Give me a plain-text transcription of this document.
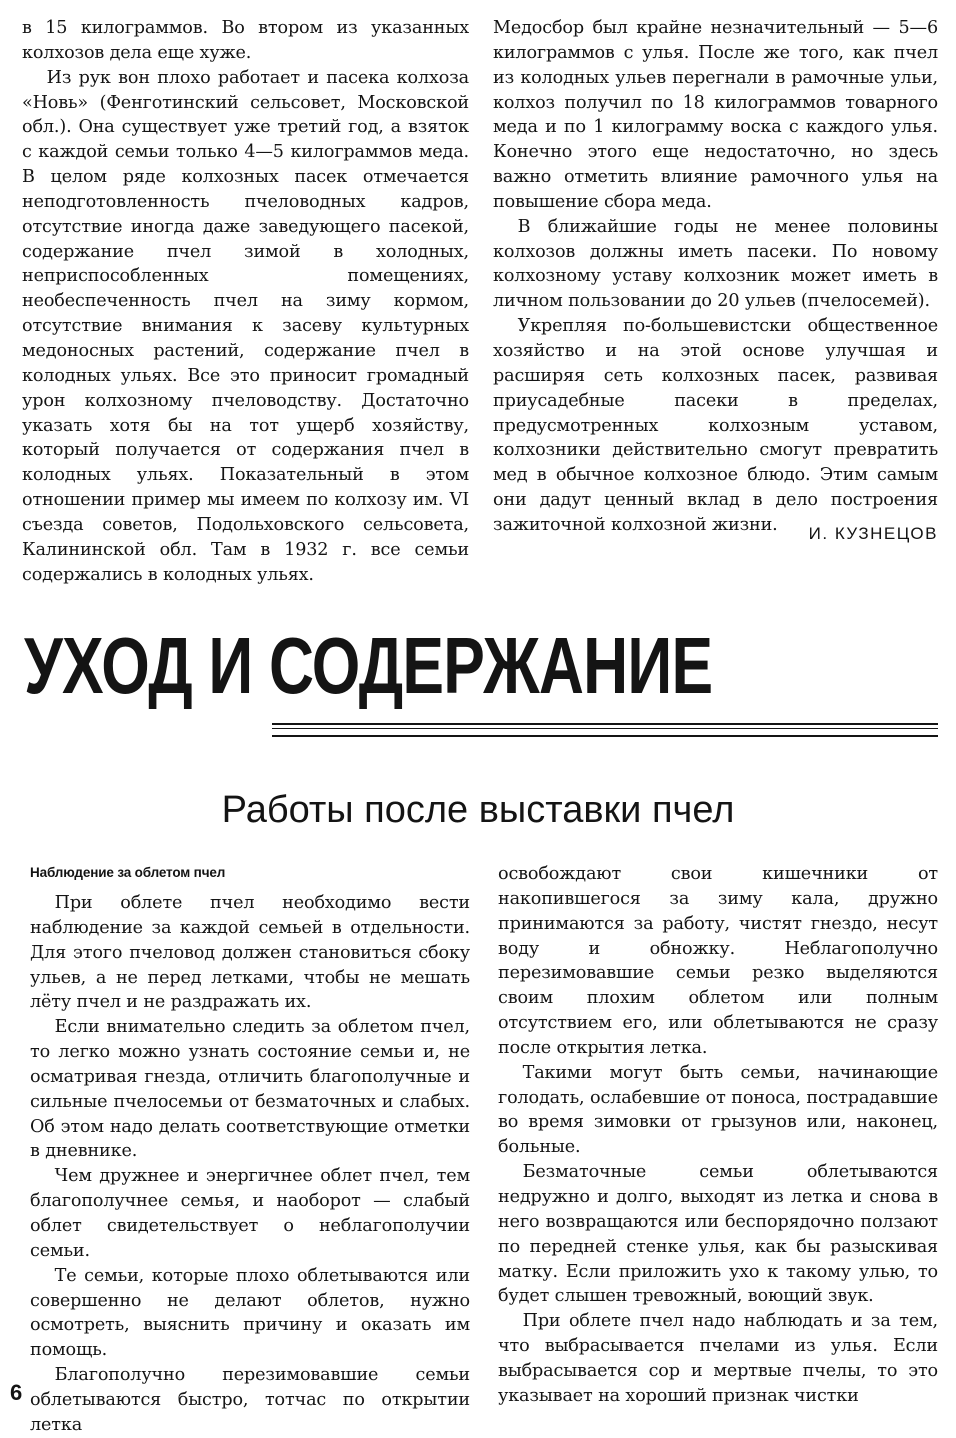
в 15 килограммов. Во втором из указанных колхозов дела еще хуже.

Из рук вон плохо работает и пасека колхоза «Новь» (Фенготинский сельсовет, Московской обл.). Она существует уже третий год, а взяток с каждой семьи только 4—5 килограммов меда. В целом ряде колхозных пасек отмечается неподготовленность пчеловодных кадров, отсутствие иногда даже заведующего пасекой, содержание пчел зимой в холодных, неприспособленных помещениях, необеспеченность пчел на зиму кормом, отсутствие внимания к засеву культурных медоносных растений, содержание пчел в колодных ульях. Все это приносит громадный урон колхозному пчеловодству. Достаточно указать хотя бы на тот ущерб хозяйству, который получается от содержания пчел в колодных ульях. Показательный в этом отношении пример мы имеем по колхозу им. VI съезда советов, Подольховского сельсовета, Калининской обл. Там в 1932 г. все семьи содержались в колодных ульях.

Медосбор был крайне незначительный — 5—6 килограммов с улья. После же того, как пчел из колодных ульев перегнали в рамочные ульи, колхоз получил по 18 килограммов товарного меда и по 1 килограмму воска с каждого улья. Конечно этого еще недостаточно, но здесь важно отметить влияние рамочного улья на повышение сбора меда.

В ближайшие годы не менее половины колхозов должны иметь пасеки. По новому колхозному уставу колхозник может иметь в личном пользовании до 20 ульев (пчелосемей).

Укрепляя по-большевистски общественное хозяйство и на этой основе улучшая и расширяя сеть колхозных пасек, развивая приусадебные пасеки в пределах, предусмотренных колхозным уставом, колхозники действительно смогут превратить мед в обычное колхозное блюдо. Этим самым они дадут ценный вклад в дело построения зажиточной колхозной жизни.	И. КУЗНЕЦОВ
УХОД И СОДЕРЖАНИЕ
Работы после выставки пчел
Наблюдение за облетом пчел

При облете пчел необходимо вести наблюдение за каждой семьей в отдельности. Для этого пчеловод должен становиться сбоку ульев, а не перед летками, чтобы не мешать лёту пчел и не раздражать их.

Если внимательно следить за облетом пчел, то легко можно узнать состояние семьи и, не осматривая гнезда, отличить благополучные и сильные пчелосемьи от безматочных и слабых. Об этом надо делать соответствующие отметки в дневнике.

Чем дружнее и энергичнее облет пчел, тем благополучнее семья, и наоборот — слабый облет свидетельствует о неблагополучии семьи.

Те семьи, которые плохо облетываются или совершенно не делают облетов, нужно осмотреть, выяснить причину и оказать им помощь.

Благополучно перезимовавшие семьи облетываются быстро, тотчас по открытии летка

освобождают свои кишечники от накопившегося за зиму кала, дружно принимаются за работу, чистят гнездо, несут воду и обножку. Неблагополучно перезимовавшие семьи резко выделяются своим плохим облетом или полным отсутствием его, или облетываются не сразу после открытия летка.

Такими могут быть семьи, начинающие голодать, ослабевшие от поноса, пострадавшие во время зимовки от грызунов или, наконец, больные.

Безматочные семьи облетываются недружно и долго, выходят из летка и снова в него возвращаются или беспорядочно ползают по передней стенке улья, как бы разыскивая матку. Если приложить ухо к такому улью, то будет слышен тревожный, воющий звук.

При облете пчел надо наблюдать и за тем, что выбрасывается пчелами из улья. Если выбрасывается сор и мертвые пчелы, то это указывает на хороший признак чистки

6
